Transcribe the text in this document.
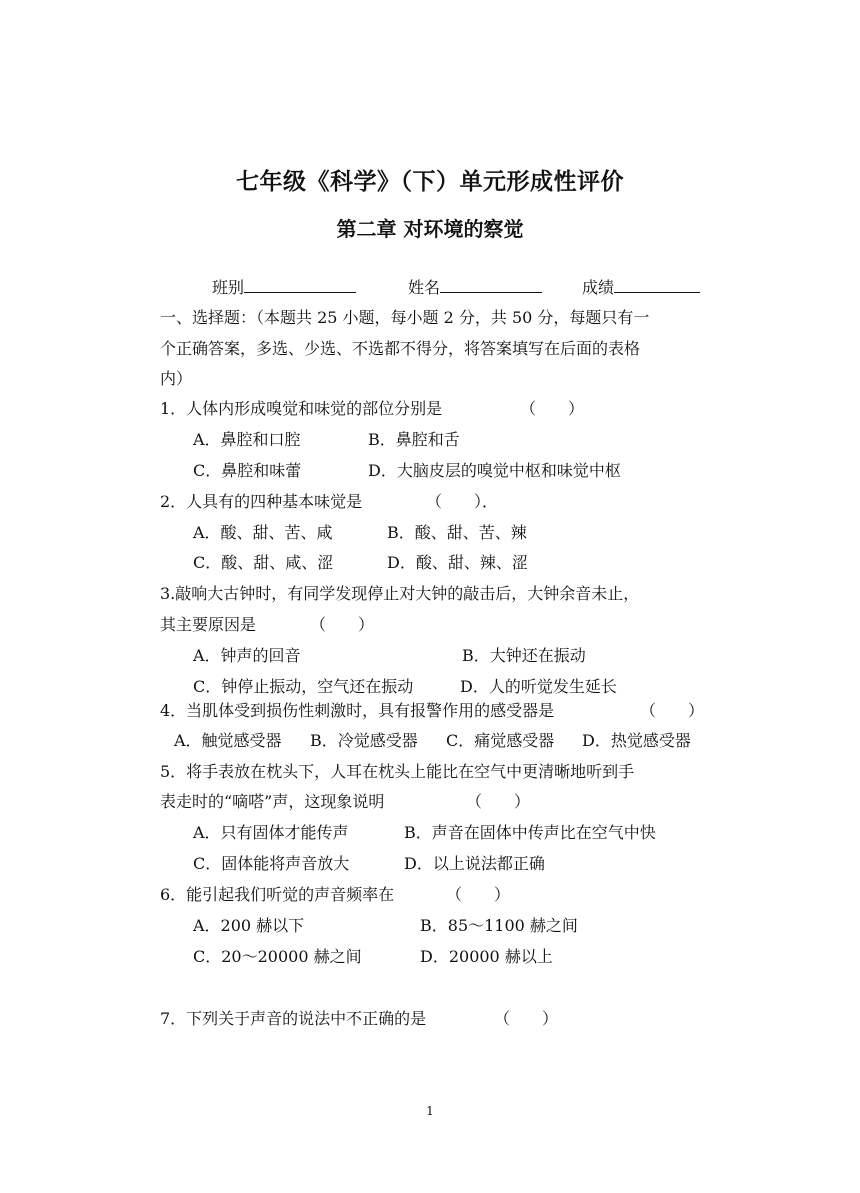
七年级《科学》（下）单元形成性评价
第二章 对环境的察觉
班别	姓名	成绩
一、选择题：（本题共 25 小题，每小题 2 分，共 50 分，每题只有一
个正确答案，多选、少选、不选都不得分，将答案填写在后面的表格
内）
1．人体内形成嗅觉和味觉的部位分别是	（　　）
A．鼻腔和口腔	B．鼻腔和舌
C．鼻腔和味蕾	D．大脑皮层的嗅觉中枢和味觉中枢
2．人具有的四种基本味觉是	（　　）．
A．酸、甜、苦、咸	B．酸、甜、苦、辣
C．酸、甜、咸、涩	D．酸、甜、辣、涩
3.敲响大古钟时，有同学发现停止对大钟的敲击后，大钟余音未止，
其主要原因是	（　　）
A．钟声的回音	B．大钟还在振动
C．钟停止振动，空气还在振动	D．人的听觉发生延长
4．当肌体受到损伤性刺激时，具有报警作用的感受器是	（　　）
A．触觉感受器 B．冷觉感受器 C．痛觉感受器 D．热觉感受器
5．将手表放在枕头下，人耳在枕头上能比在空气中更清晰地听到手
表走时的“嘀嗒”声，这现象说明	（　　）
A．只有固体才能传声	B．声音在固体中传声比在空气中快
C．固体能将声音放大	D．以上说法都正确
6．能引起我们听觉的声音频率在	（　　）
A．200 赫以下	B．85～1100 赫之间
C．20～20000 赫之间	D．20000 赫以上
7．下列关于声音的说法中不正确的是	（　　）
1
